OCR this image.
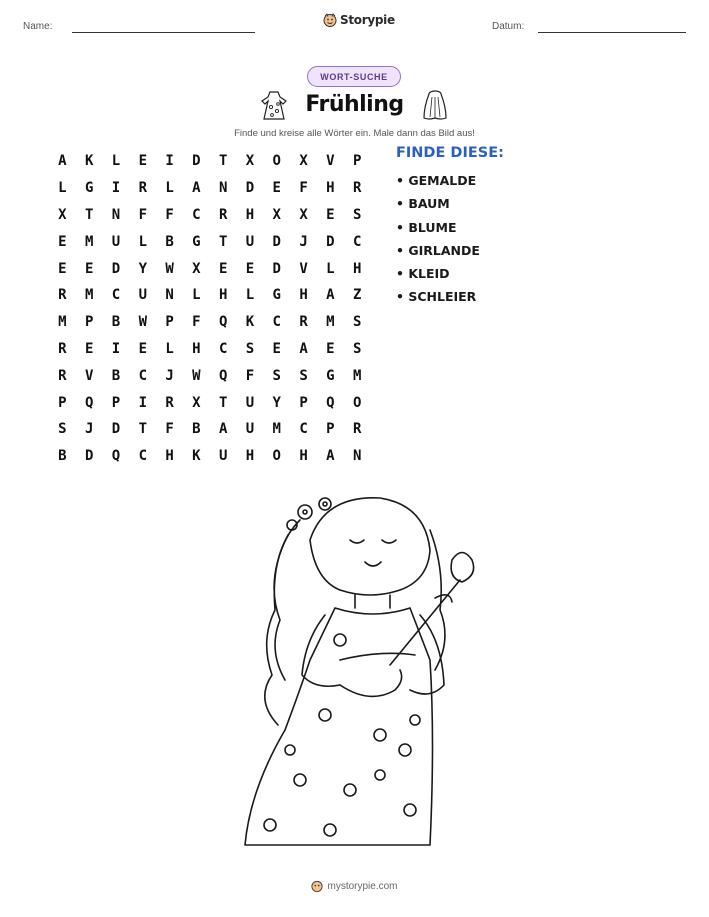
Name:	Storypie	Datum:
WORT-SUCHE
Frühling
Finde und kreise alle Wörter ein. Male dann das Bild aus!
A	K	L	E	I	D	T	X	O	X	V	P
L	G	I	R	L	A	N	D	E	F	H	R
X	T	N	F	F	C	R	H	X	X	E	S
E	M	U	L	B	G	T	U	D	J	D	C
E	E	D	Y	W	X	E	E	D	V	L	H
R	M	C	U	N	L	H	L	G	H	A	Z
M	P	B	W	P	F	Q	K	C	R	M	S
R	E	I	E	L	H	C	S	E	A	E	S
R	V	B	C	J	W	Q	F	S	S	G	M
P	Q	P	I	R	X	T	U	Y	P	Q	O
S	J	D	T	F	B	A	U	M	C	P	R
B	D	Q	C	H	K	U	H	O	H	A	N
FINDE DIESE:
• GEMALDE
• BAUM
• BLUME
• GIRLANDE
• KLEID
• SCHLEIER
mystorypie.com
